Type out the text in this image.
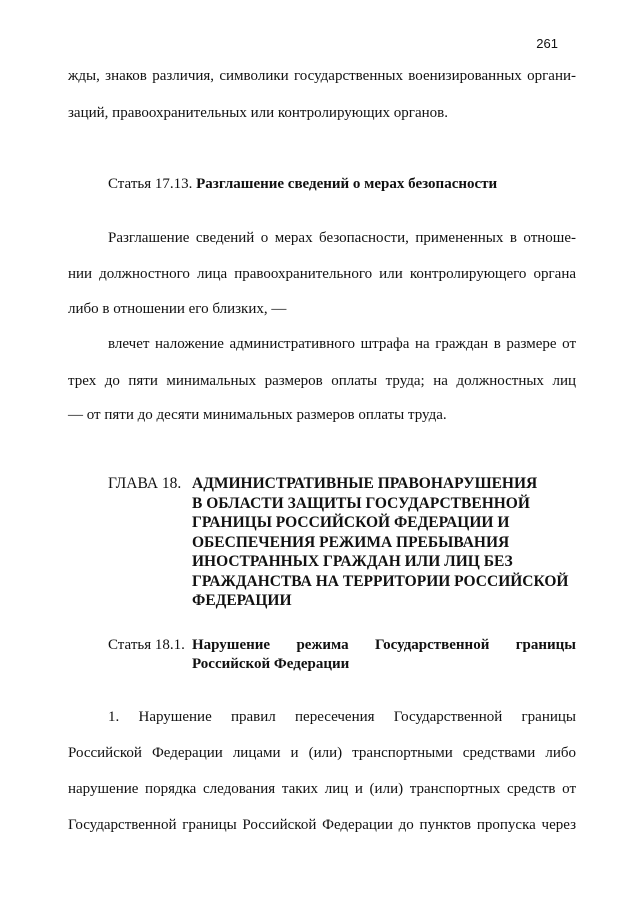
261
жды, знаков различия, символики государственных военизированных органи-
заций, правоохранительных или контролирующих органов.
Статья 17.13. Разглашение сведений о мерах безопасности
Разглашение сведений о мерах безопасности, примененных в отноше-
нии должностного лица правоохранительного или контролирующего органа
либо в отношении его близких, —
влечет наложение административного штрафа на граждан в размере от
трех до пяти минимальных размеров оплаты труда; на должностных лиц
— от пяти до десяти минимальных размеров оплаты труда.
ГЛАВА 18. АДМИНИСТРАТИВНЫЕ ПРАВОНАРУШЕНИЯ
В ОБЛАСТИ ЗАЩИТЫ ГОСУДАРСТВЕННОЙ
ГРАНИЦЫ РОССИЙСКОЙ ФЕДЕРАЦИИ И
ОБЕСПЕЧЕНИЯ РЕЖИМА ПРЕБЫВАНИЯ
ИНОСТРАННЫХ ГРАЖДАН ИЛИ ЛИЦ БЕЗ
ГРАЖДАНСТВА НА ТЕРРИТОРИИ РОССИЙСКОЙ
ФЕДЕРАЦИИ
Статья 18.1. Нарушение режима Государственной границы
Российской Федерации
1. Нарушение правил пересечения Государственной границы
Российской Федерации лицами и (или) транспортными средствами либо
нарушение порядка следования таких лиц и (или) транспортных средств от
Государственной границы Российской Федерации до пунктов пропуска через
